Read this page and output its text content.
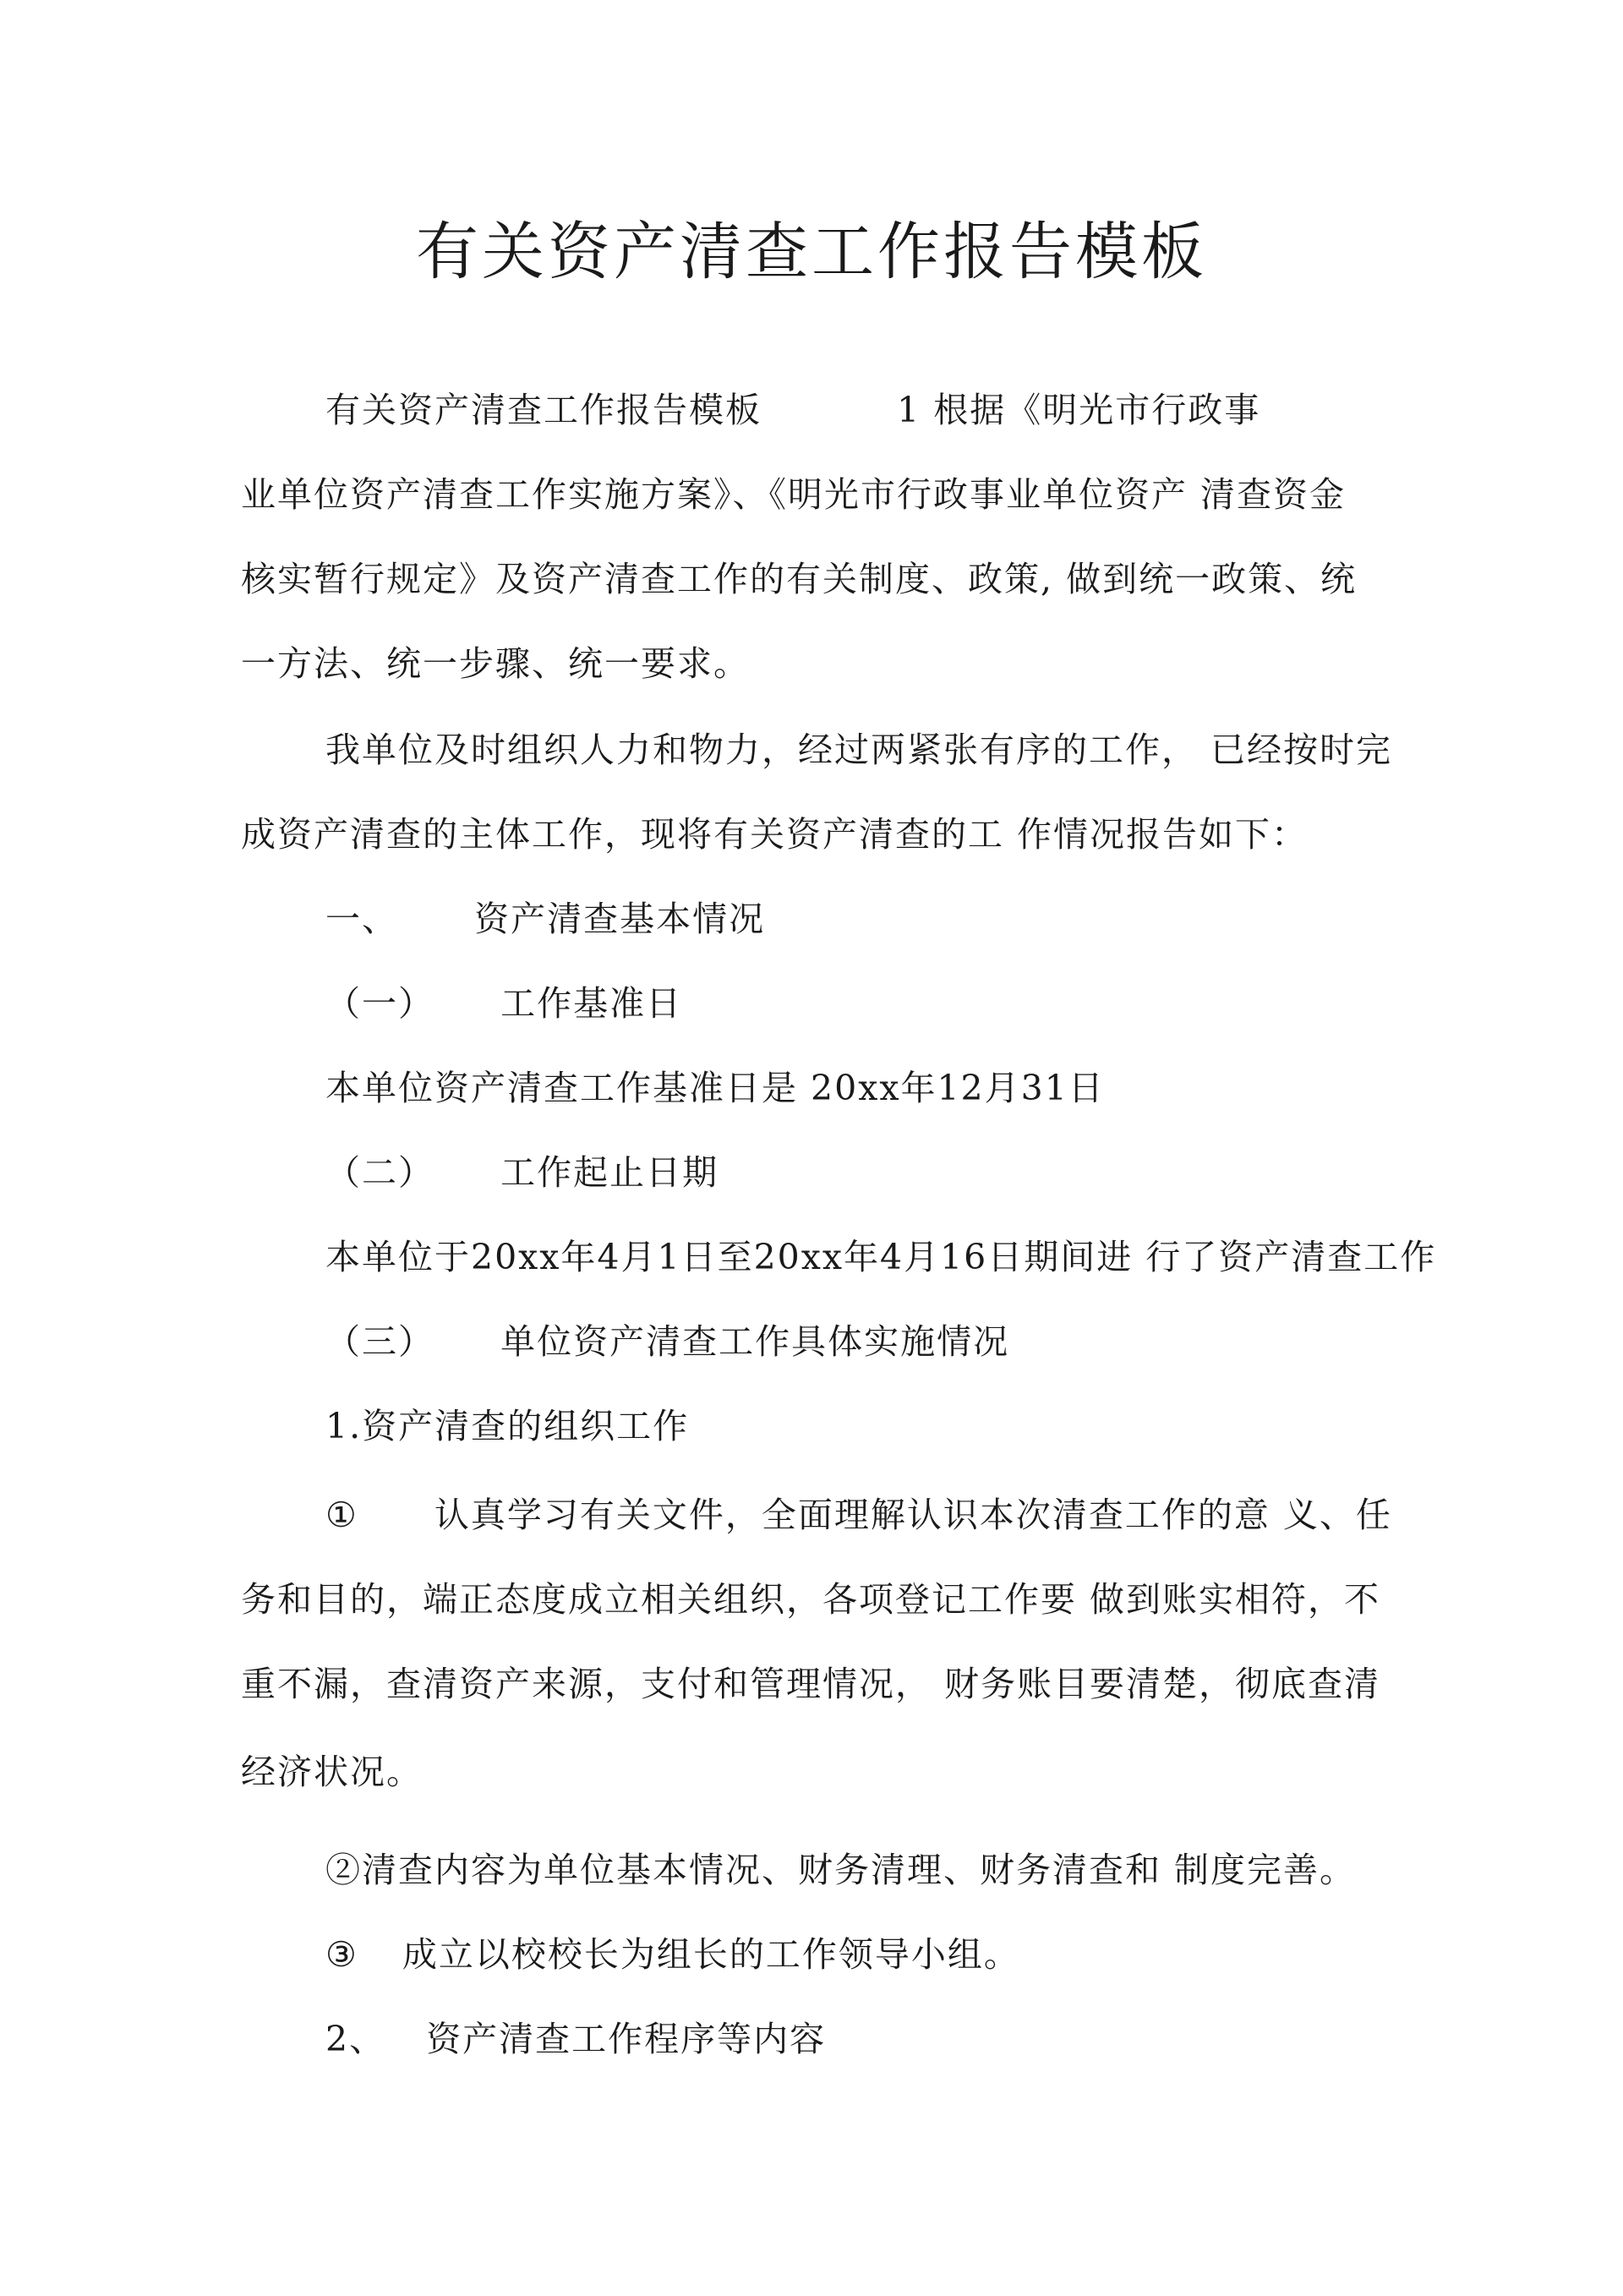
有关资产清查工作报告模板
有关资产清查工作报告模板	1 根据《明光市行政事
业单位资产清查工作实施方案》、《明光市行政事业单位资产 清查资金
核实暂行规定》及资产清查工作的有关制度、政策, 做到统一政策、统
一方法、统一步骤、统一要求。
我单位及时组织人力和物力，经过两紧张有序的工作， 已经按时完
成资产清查的主体工作，现将有关资产清查的工 作情况报告如下：
一、 资产清查基本情况
（一） 工作基准日
本单位资产清查工作基准日是 20xx年12月31日
（二） 工作起止日期
本单位于20xx年4月1日至20xx年4月16日期间进 行了资产清查工作
（三） 单位资产清查工作具体实施情况
1.资产清查的组织工作
① 认真学习有关文件，全面理解认识本次清查工作的意 义、任
务和目的，端正态度成立相关组织，各项登记工作要 做到账实相符，不
重不漏，查清资产来源，支付和管理情况， 财务账目要清楚，彻底查清
经济状况。
②清查内容为单位基本情况、财务清理、财务清查和 制度完善。
③ 成立以校校长为组长的工作领导小组。
2、 资产清查工作程序等内容
